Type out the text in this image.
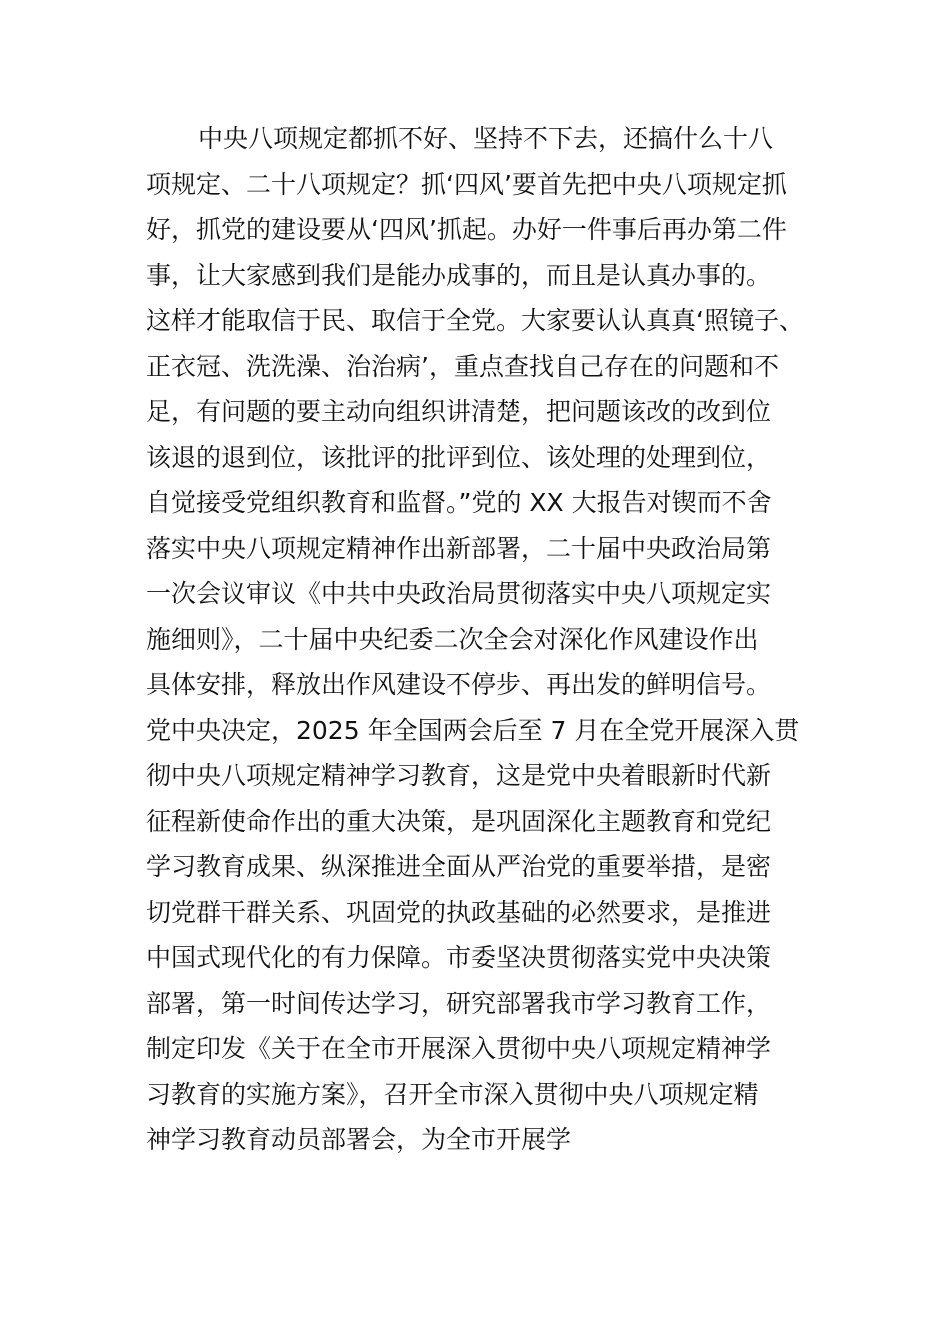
中央八项规定都抓不好、坚持不下去，还搞什么十八
项规定、二十八项规定？抓‘四风’要首先把中央八项规定抓
好，抓党的建设要从‘四风’抓起。办好一件事后再办第二件
事，让大家感到我们是能办成事的，而且是认真办事的。
这样才能取信于民、取信于全党。大家要认认真真‘照镜子、
正衣冠、洗洗澡、治治病’，重点查找自己存在的问题和不
足，有问题的要主动向组织讲清楚，把问题该改的改到位
该退的退到位，该批评的批评到位、该处理的处理到位，
自觉接受党组织教育和监督。”党的 XX 大报告对锲而不舍
落实中央八项规定精神作出新部署，二十届中央政治局第
一次会议审议《中共中央政治局贯彻落实中央八项规定实
施细则》，二十届中央纪委二次全会对深化作风建设作出
具体安排，释放出作风建设不停步、再出发的鲜明信号。
党中央决定，2025 年全国两会后至 7 月在全党开展深入贯
彻中央八项规定精神学习教育，这是党中央着眼新时代新
征程新使命作出的重大决策，是巩固深化主题教育和党纪
学习教育成果、纵深推进全面从严治党的重要举措，是密
切党群干群关系、巩固党的执政基础的必然要求，是推进
中国式现代化的有力保障。市委坚决贯彻落实党中央决策
部署，第一时间传达学习，研究部署我市学习教育工作，
制定印发《关于在全市开展深入贯彻中央八项规定精神学
习教育的实施方案》，召开全市深入贯彻中央八项规定精
神学习教育动员部署会，为全市开展学
